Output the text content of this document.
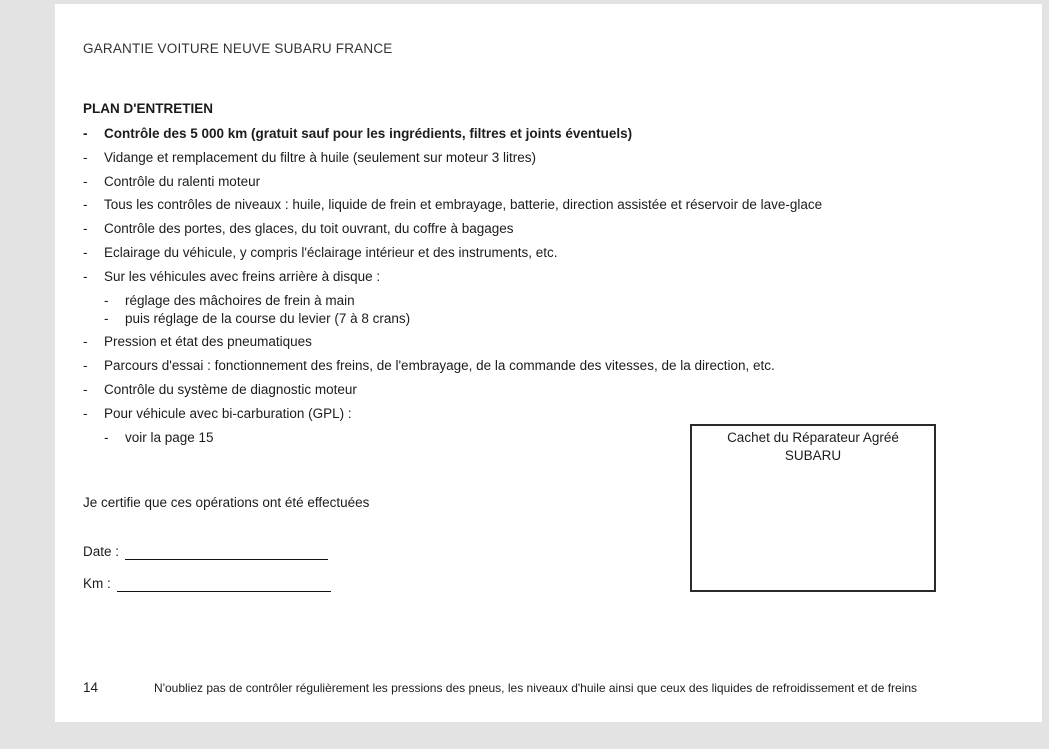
GARANTIE VOITURE NEUVE SUBARU FRANCE
PLAN D'ENTRETIEN
-
Contrôle des 5 000 km (gratuit sauf pour les ingrédients, filtres et joints éventuels)
-
Vidange et remplacement du filtre à huile (seulement sur moteur 3 litres)
-
Contrôle du ralenti moteur
-
Tous les contrôles de niveaux : huile, liquide de frein et embrayage, batterie, direction assistée et réservoir de lave-glace
-
Contrôle des portes, des glaces, du toit ouvrant, du coffre à bagages
-
Eclairage du véhicule, y compris l'éclairage intérieur et des instruments, etc.
-
Sur les véhicules avec freins arrière à disque :
-
réglage des mâchoires de frein à main
-
puis réglage de la course du levier (7 à 8 crans)
-
Pression et état des pneumatiques
-
Parcours d'essai : fonctionnement des freins, de l'embrayage, de la commande des vitesses, de la direction, etc.
-
Contrôle du système de diagnostic moteur
-
Pour véhicule avec bi-carburation (GPL) :
-
voir la page 15
Je certifie que ces opérations ont été effectuées
Date :
Km :
Cachet du Réparateur Agréé
SUBARU
14	N'oubliez pas de contrôler régulièrement les pressions des pneus, les niveaux d'huile ainsi que ceux des liquides de refroidissement et de freins
